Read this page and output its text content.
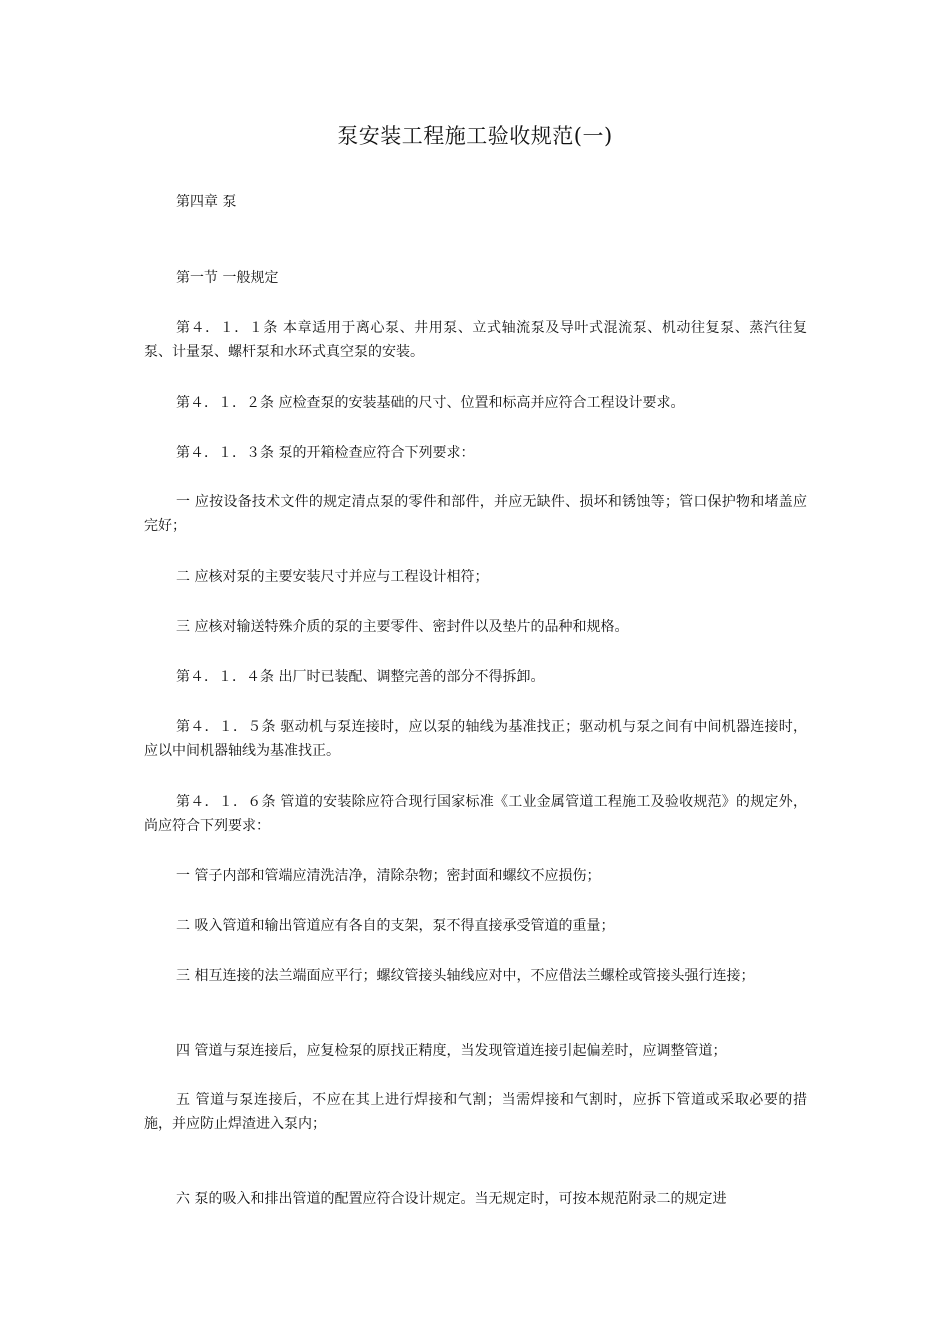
泵安装工程施工验收规范(一)
第四章 泵
第一节 一般规定
第４．１．１条 本章适用于离心泵、井用泵、立式轴流泵及导叶式混流泵、机动往复泵、蒸汽往复泵、计量泵、螺杆泵和水环式真空泵的安装。
第４．１．２条 应检查泵的安装基础的尺寸、位置和标高并应符合工程设计要求。
第４．１．３条 泵的开箱检查应符合下列要求：
一 应按设备技术文件的规定清点泵的零件和部件，并应无缺件、损坏和锈蚀等；管口保护物和堵盖应完好；
二 应核对泵的主要安装尺寸并应与工程设计相符；
三 应核对输送特殊介质的泵的主要零件、密封件以及垫片的品种和规格。
第４．１．４条 出厂时已装配、调整完善的部分不得拆卸。
第４．１．５条 驱动机与泵连接时，应以泵的轴线为基准找正；驱动机与泵之间有中间机器连接时，应以中间机器轴线为基准找正。
第４．１．６条 管道的安装除应符合现行国家标准《工业金属管道工程施工及验收规范》的规定外，尚应符合下列要求：
一 管子内部和管端应清洗洁净，清除杂物；密封面和螺纹不应损伤；
二 吸入管道和输出管道应有各自的支架，泵不得直接承受管道的重量；
三 相互连接的法兰端面应平行；螺纹管接头轴线应对中，不应借法兰螺栓或管接头强行连接；
四 管道与泵连接后，应复检泵的原找正精度，当发现管道连接引起偏差时，应调整管道；
五 管道与泵连接后，不应在其上进行焊接和气割；当需焊接和气割时，应拆下管道或采取必要的措施，并应防止焊渣进入泵内；
六 泵的吸入和排出管道的配置应符合设计规定。当无规定时，可按本规范附录二的规定进
